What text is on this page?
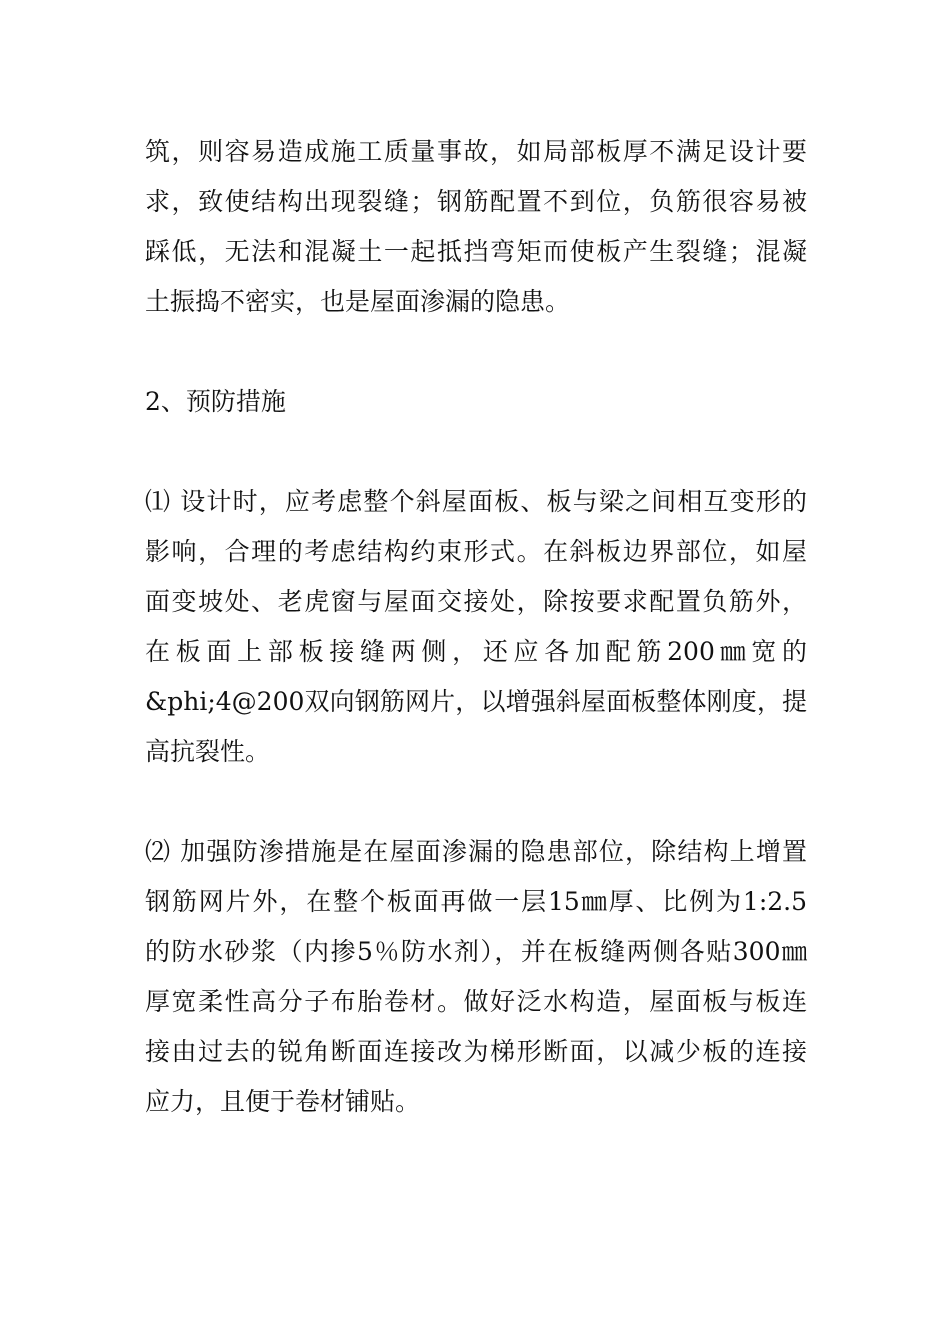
筑，则容易造成施工质量事故，如局部板厚不满足设计要
求，致使结构出现裂缝；钢筋配置不到位，负筋很容易被
踩低，无法和混凝土一起抵挡弯矩而使板产生裂缝；混凝
土振捣不密实，也是屋面渗漏的隐患。
2、预防措施
⑴ 设计时，应考虑整个斜屋面板、板与梁之间相互变形的
影响，合理的考虑结构约束形式。在斜板边界部位，如屋
面变坡处、老虎窗与屋面交接处，除按要求配置负筋外，
在板面上部板接缝两侧，还应各加配筋200㎜宽的
&phi;4@200双向钢筋网片，以增强斜屋面板整体刚度，提
高抗裂性。
⑵ 加强防渗措施是在屋面渗漏的隐患部位，除结构上增置
钢筋网片外，在整个板面再做一层15㎜厚、比例为1:2.5
的防水砂浆（内掺5％防水剂），并在板缝两侧各贴300㎜
厚宽柔性高分子布胎卷材。做好泛水构造，屋面板与板连
接由过去的锐角断面连接改为梯形断面，以减少板的连接
应力，且便于卷材铺贴。
